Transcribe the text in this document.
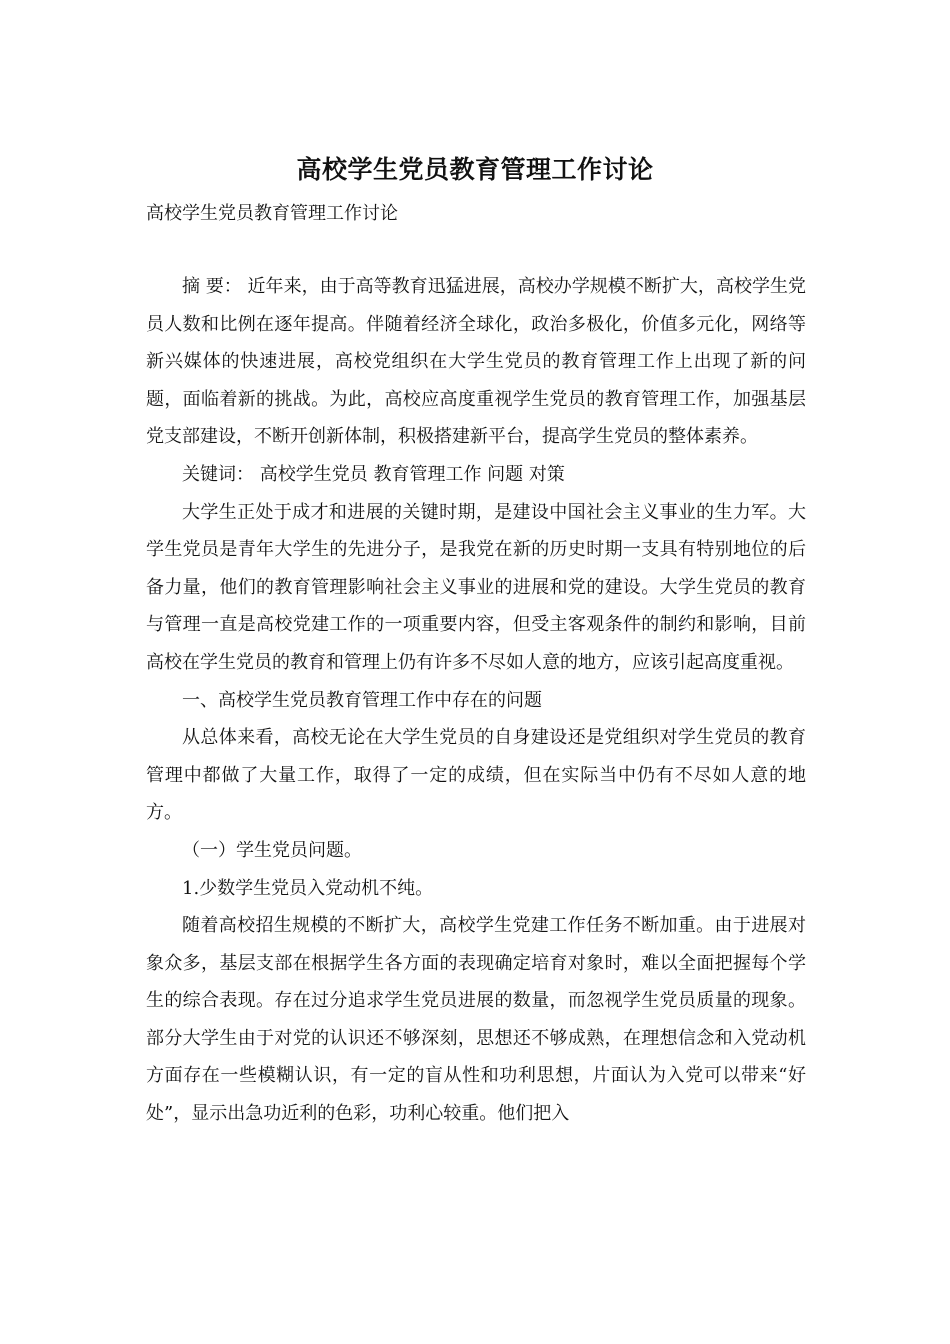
高校学生党员教育管理工作讨论
高校学生党员教育管理工作讨论

摘 要： 近年来，由于高等教育迅猛进展，高校办学规模不断扩大，高校学生党员人数和比例在逐年提高。伴随着经济全球化，政治多极化，价值多元化，网络等新兴媒体的快速进展，高校党组织在大学生党员的教育管理工作上出现了新的问题，面临着新的挑战。为此，高校应高度重视学生党员的教育管理工作，加强基层党支部建设，不断开创新体制，积极搭建新平台，提高学生党员的整体素养。

关键词： 高校学生党员 教育管理工作 问题 对策

大学生正处于成才和进展的关键时期，是建设中国社会主义事业的生力军。大学生党员是青年大学生的先进分子，是我党在新的历史时期一支具有特别地位的后备力量，他们的教育管理影响社会主义事业的进展和党的建设。大学生党员的教育与管理一直是高校党建工作的一项重要内容，但受主客观条件的制约和影响，目前高校在学生党员的教育和管理上仍有许多不尽如人意的地方，应该引起高度重视。

一、高校学生党员教育管理工作中存在的问题

从总体来看，高校无论在大学生党员的自身建设还是党组织对学生党员的教育管理中都做了大量工作，取得了一定的成绩，但在实际当中仍有不尽如人意的地方。

（一）学生党员问题。

1.少数学生党员入党动机不纯。

随着高校招生规模的不断扩大，高校学生党建工作任务不断加重。由于进展对象众多，基层支部在根据学生各方面的表现确定培育对象时，难以全面把握每个学生的综合表现。存在过分追求学生党员进展的数量，而忽视学生党员质量的现象。部分大学生由于对党的认识还不够深刻，思想还不够成熟，在理想信念和入党动机方面存在一些模糊认识，有一定的盲从性和功利思想，片面认为入党可以带来“好处”，显示出急功近利的色彩，功利心较重。他们把入
